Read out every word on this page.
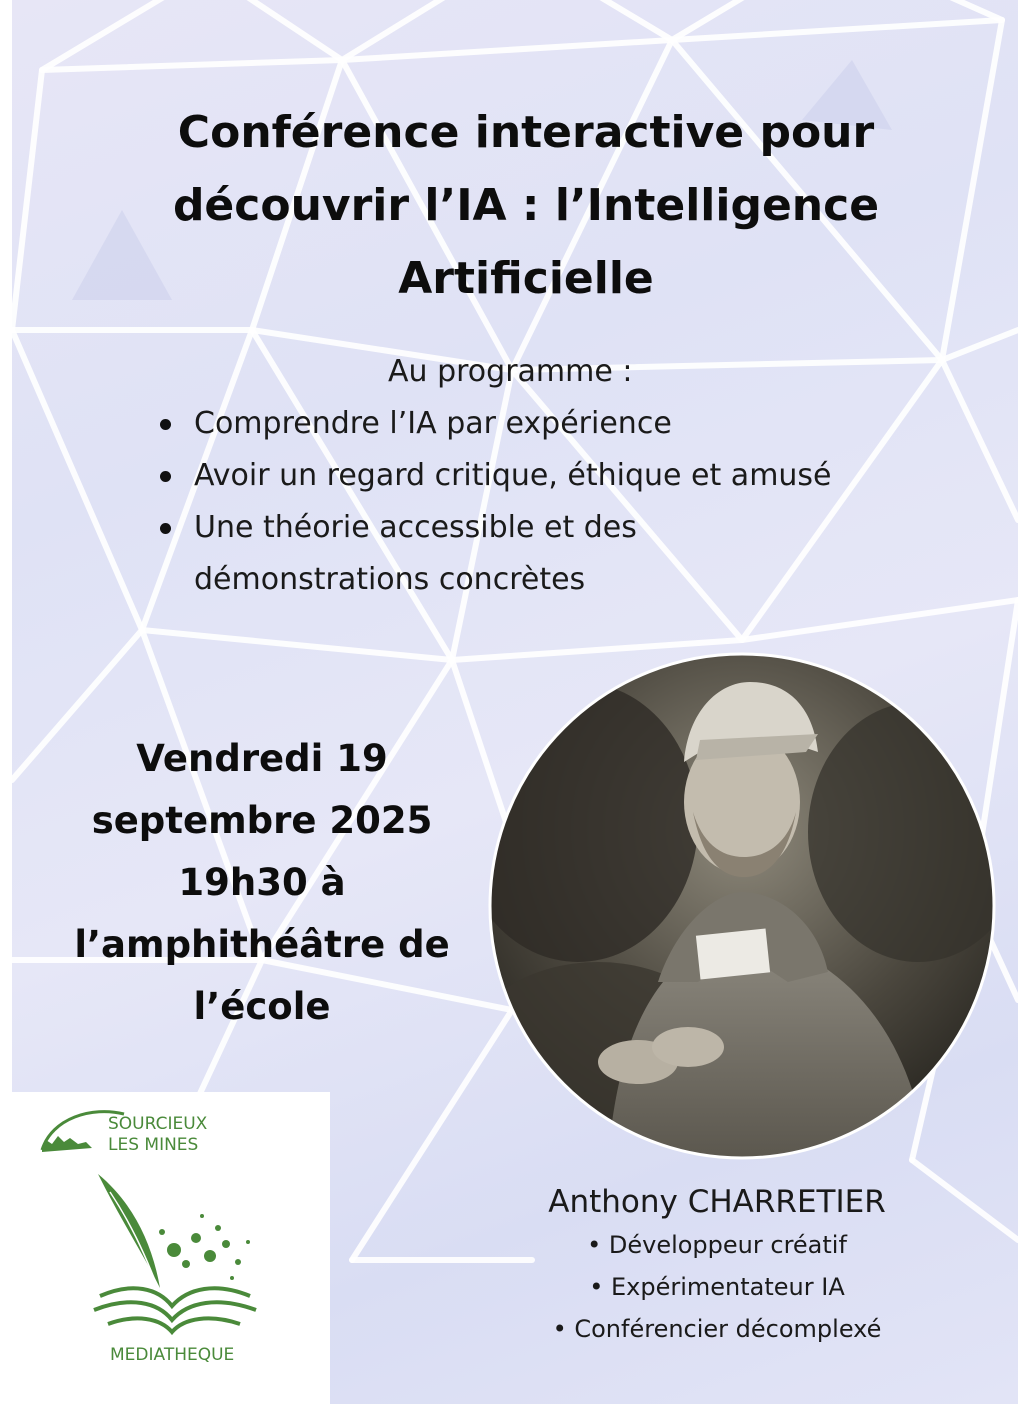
Conférence interactive pour
découvrir l’IA : l’Intelligence
Artificielle
Au programme :
Comprendre l’IA par expérience
Avoir un regard critique, éthique et amusé
Une théorie accessible et des démonstrations concrètes
Vendredi 19
septembre 2025
19h30 à
l’amphithéâtre de
l’école
Anthony CHARRETIER
• Développeur créatif
• Expérimentateur IA
• Conférencier décomplexé
SOURCIEUX
LES MINES
MEDIATHEQUE
